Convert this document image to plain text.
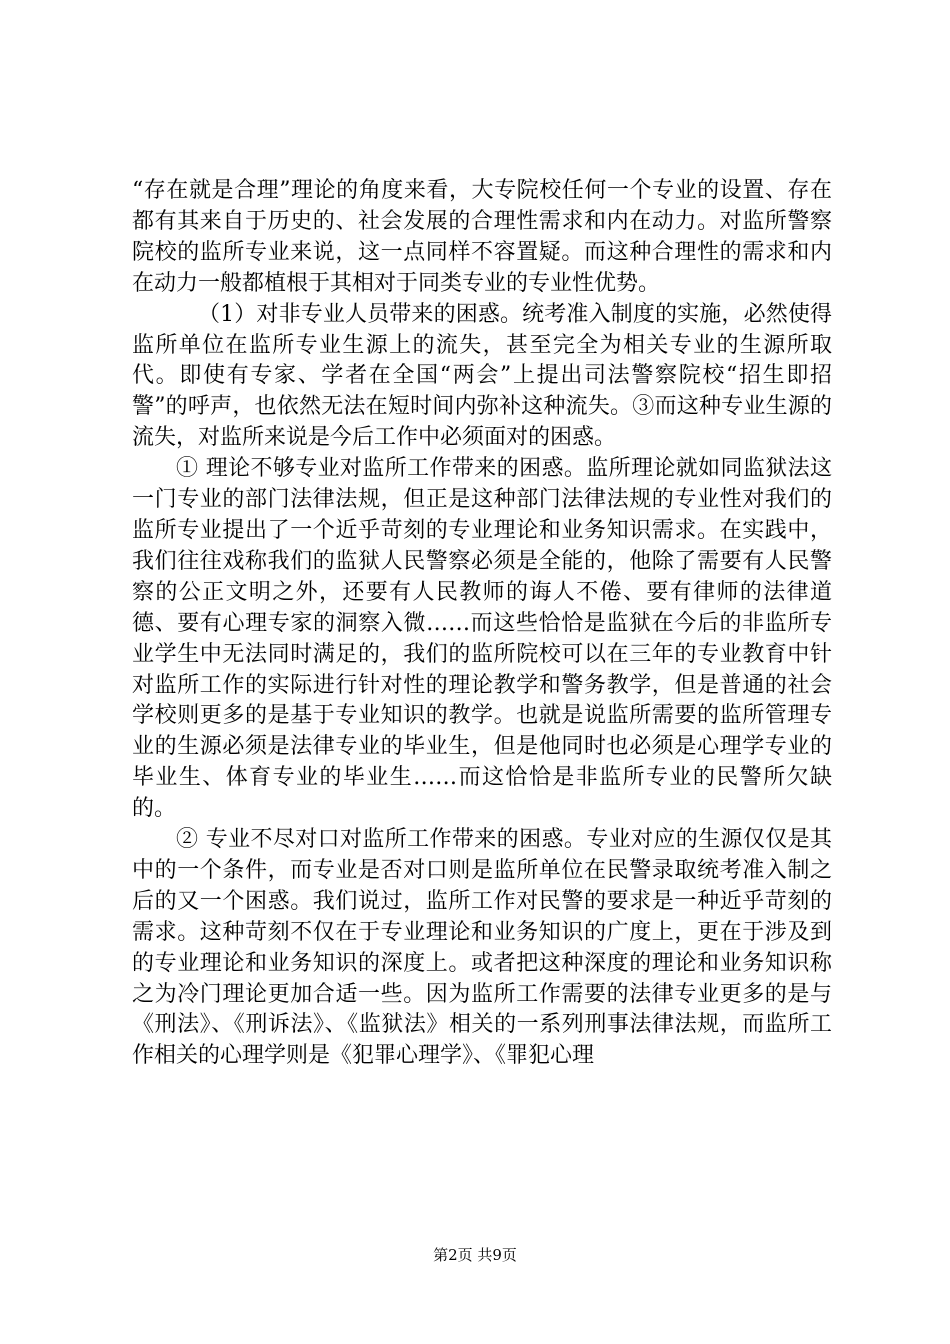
“存在就是合理”理论的角度来看，大专院校任何一个专业的设置、存在都有其来自于历史的、社会发展的合理性需求和内在动力。对监所警察院校的监所专业来说，这一点同样不容置疑。而这种合理性的需求和内在动力一般都植根于其相对于同类专业的专业性优势。

（1）对非专业人员带来的困惑。统考准入制度的实施，必然使得监所单位在监所专业生源上的流失，甚至完全为相关专业的生源所取代。即使有专家、学者在全国“两会”上提出司法警察院校“招生即招警”的呼声，也依然无法在短时间内弥补这种流失。③而这种专业生源的流失，对监所来说是今后工作中必须面对的困惑。

① 理论不够专业对监所工作带来的困惑。监所理论就如同监狱法这一门专业的部门法律法规，但正是这种部门法律法规的专业性对我们的监所专业提出了一个近乎苛刻的专业理论和业务知识需求。在实践中，我们往往戏称我们的监狱人民警察必须是全能的，他除了需要有人民警察的公正文明之外，还要有人民教师的诲人不倦、要有律师的法律道德、要有心理专家的洞察入微……而这些恰恰是监狱在今后的非监所专业学生中无法同时满足的，我们的监所院校可以在三年的专业教育中针对监所工作的实际进行针对性的理论教学和警务教学，但是普通的社会学校则更多的是基于专业知识的教学。也就是说监所需要的监所管理专业的生源必须是法律专业的毕业生，但是他同时也必须是心理学专业的毕业生、体育专业的毕业生……而这恰恰是非监所专业的民警所欠缺的。

② 专业不尽对口对监所工作带来的困惑。专业对应的生源仅仅是其中的一个条件，而专业是否对口则是监所单位在民警录取统考准入制之后的又一个困惑。我们说过，监所工作对民警的要求是一种近乎苛刻的需求。这种苛刻不仅在于专业理论和业务知识的广度上，更在于涉及到的专业理论和业务知识的深度上。或者把这种深度的理论和业务知识称之为冷门理论更加合适一些。因为监所工作需要的法律专业更多的是与《刑法》、《刑诉法》、《监狱法》相关的一系列刑事法律法规，而监所工作相关的心理学则是《犯罪心理学》、《罪犯心理

第2页 共9页
